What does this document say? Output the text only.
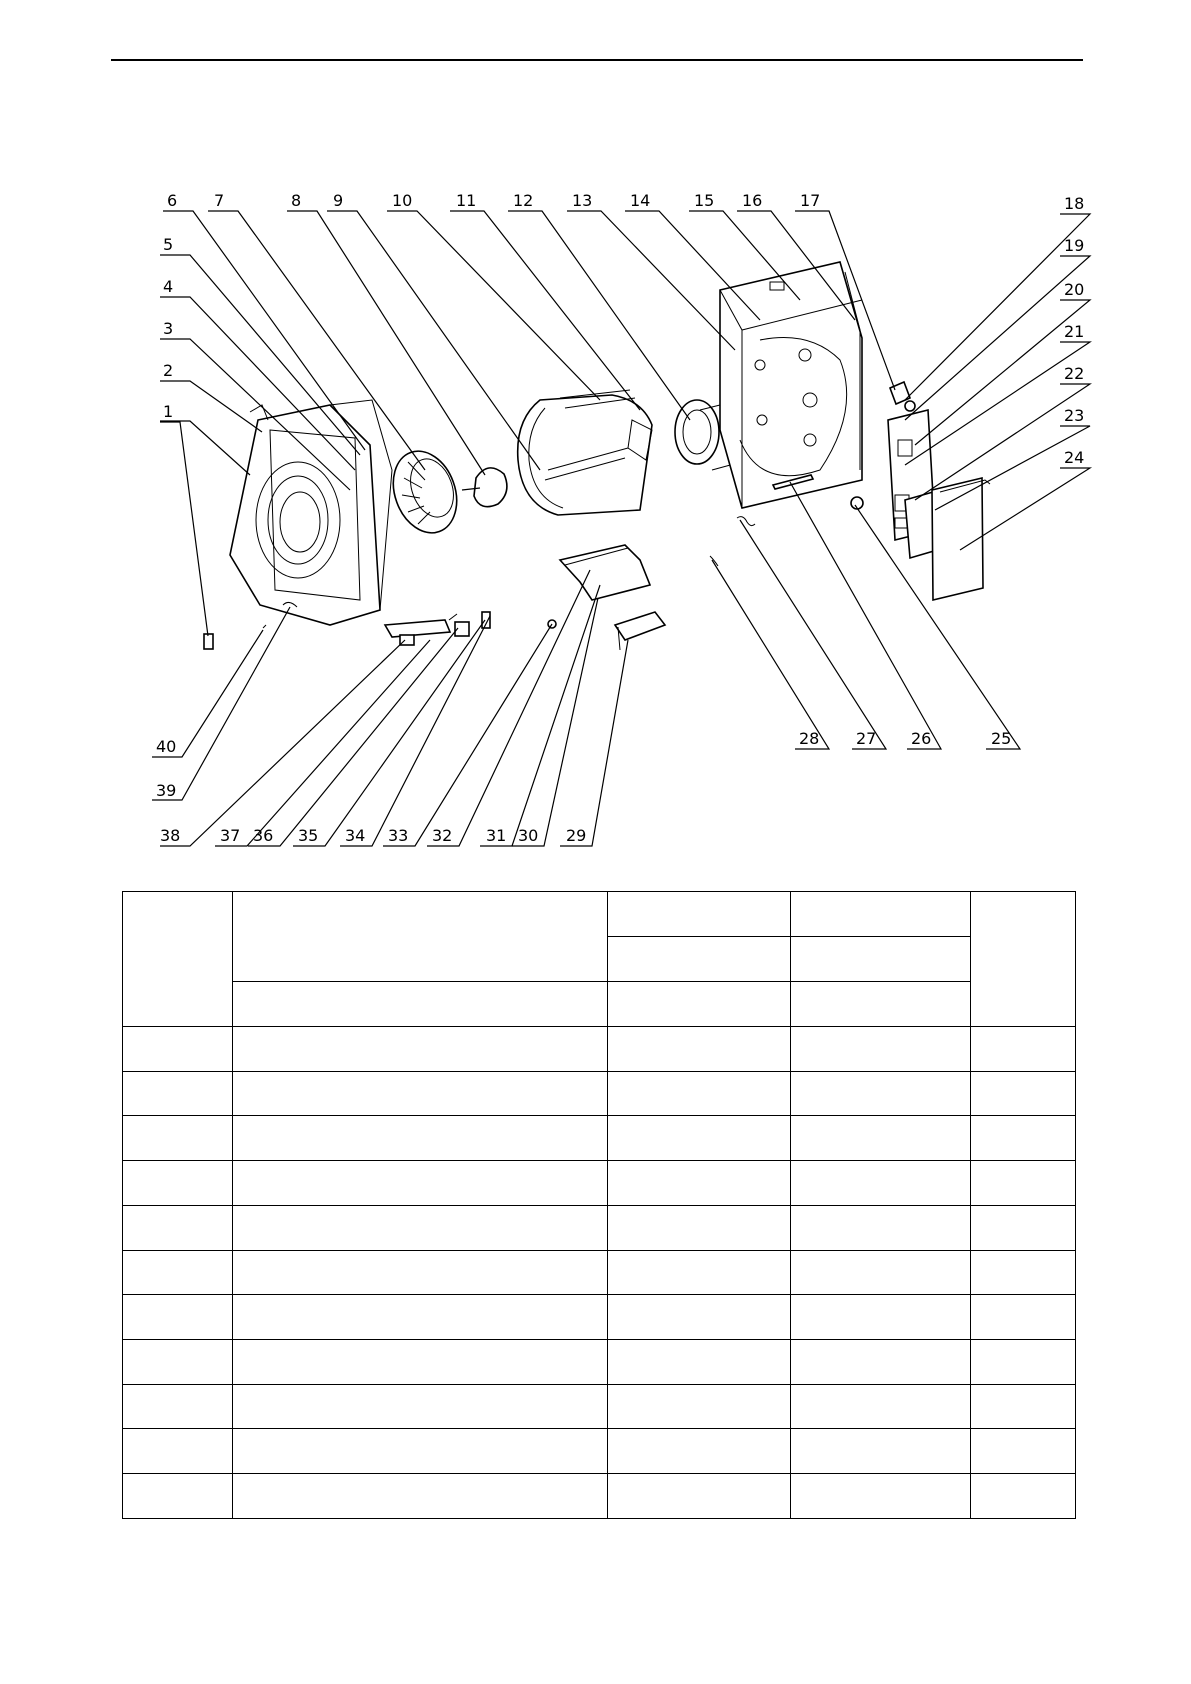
1
2
3
4
5
6 7	8 9	10	11 12 13 14	15 16 17	18
19
20
21
22
23
24
25
26
27
28
29
30
31
32
33
34
35
36
37
38
39
40
